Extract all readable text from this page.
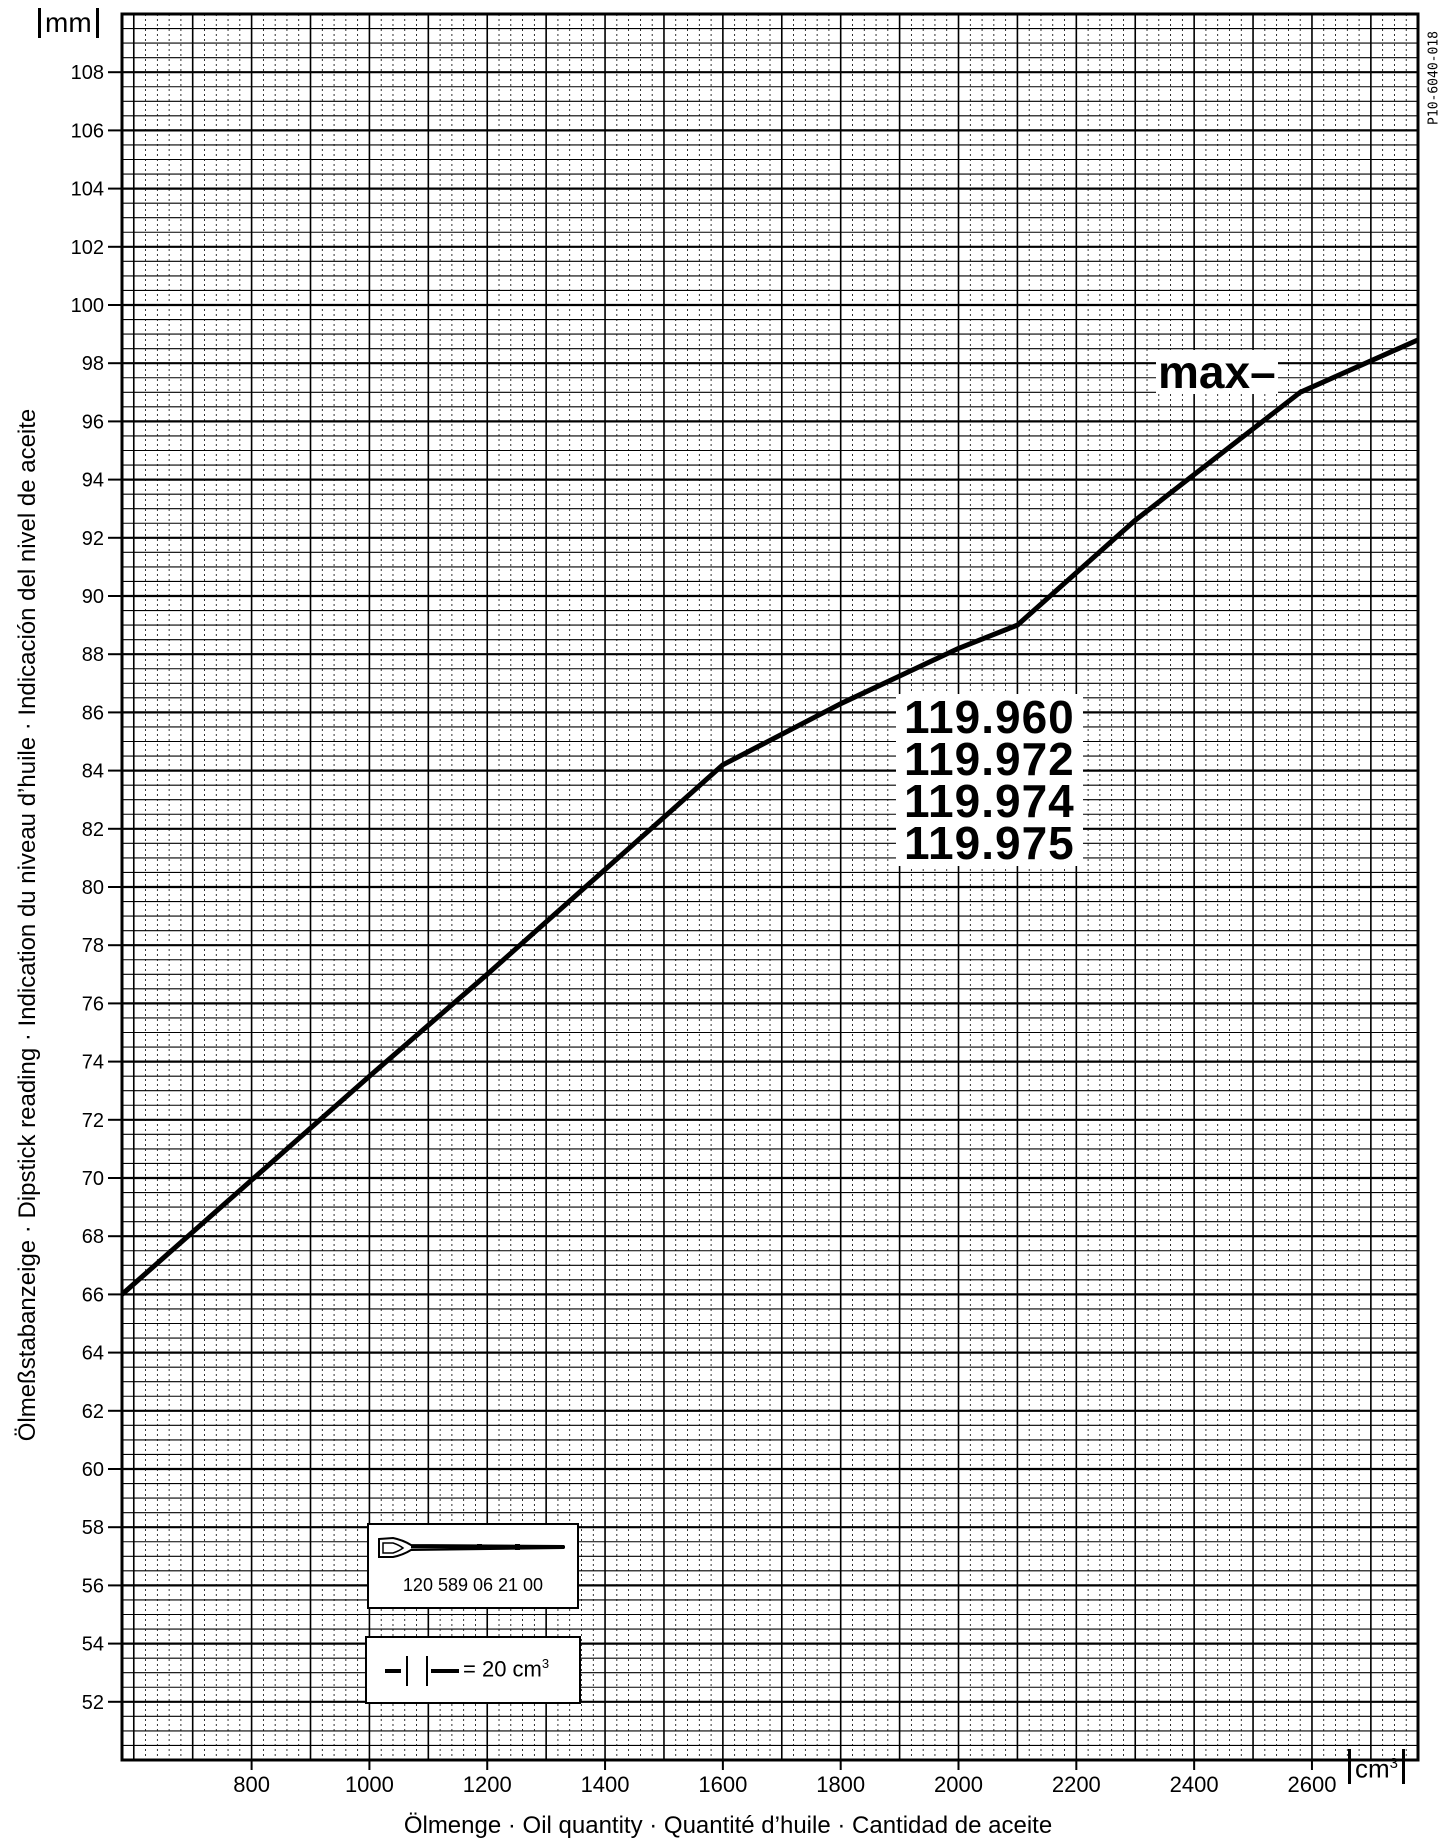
52
54
56
58
60
62
64
66
68
70
72
74
76
78
80
82
84
86
88
90
92
94
96
98
100
102
104
106
108
800	1000	1200	1400	1600	1800	2000	2200	2400	2600
mm
$cm^3$
Ölmeßstabanzeige · Dipstick reading · Indication du niveau d’huile · Indicación del nivel de aceite
Ölmenge · Oil quantity · Quantité d’huile · Cantidad de aceite
P10-6040-018
max–
119.960
119.972
119.974
119.975
120 589 06 21 00
= 20 $cm^3$
